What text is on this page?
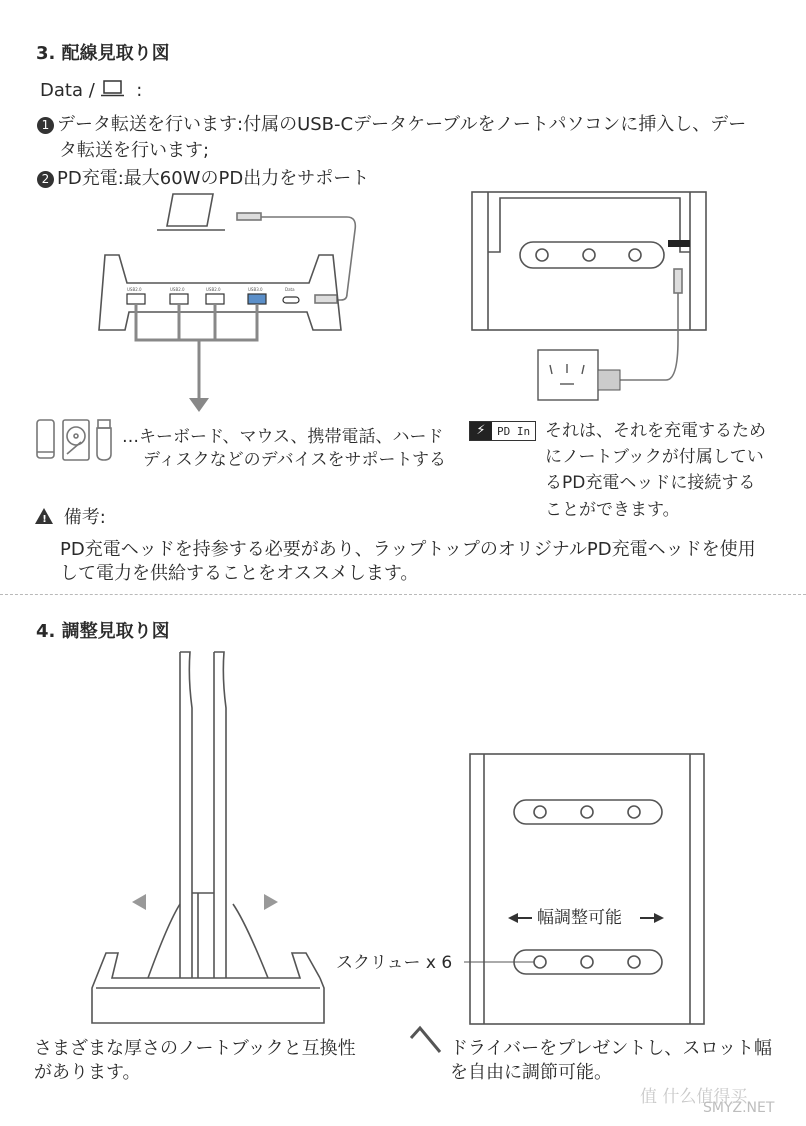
3. 配線見取り図
Data / :
1 データ転送を行います:付属のUSB-Cデータケーブルをノートパソコンに挿入し、デー
タ転送を行います;
2 PD充電:最大60WのPD出力をサポート
USB2.0	USB2.0	USB2.0	USB3.0	Data
…キーボード、マウス、携帯電話、ハード
ディスクなどのデバイスをサポートする
⚡	PD In それは、それを充電するため
にノートブックが付属してい
るPD充電ヘッドに接続する
ことができます。
! 備考:
PD充電ヘッドを持参する必要があり、ラップトップのオリジナルPD充電ヘッドを使用
して電力を供給することをオススメします。
4. 調整見取り図
幅調整可能
スクリュー x 6
さまざまな厚さのノートブックと互換性
があります。
ドライバーをプレゼントし、スロット幅
を自由に調節可能。
值 什么值得买
SMYZ.NET
